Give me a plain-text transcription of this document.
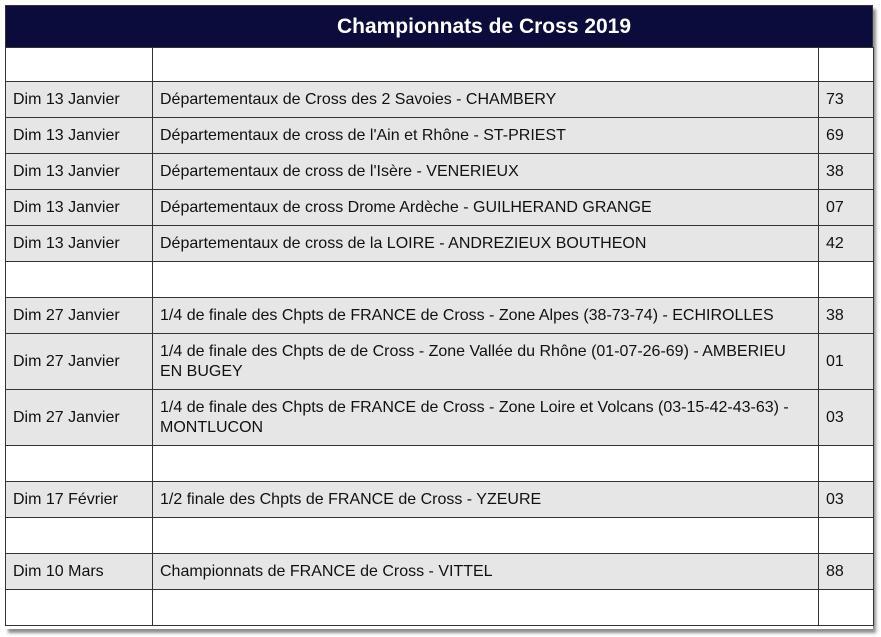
Championnats de Cross 2019

Dim 13 Janvier	Départementaux de Cross des 2 Savoies - CHAMBERY	73
Dim 13 Janvier	Départementaux de cross de l'Ain et Rhône - ST-PRIEST	69
Dim 13 Janvier	Départementaux de cross de l'Isère - VENERIEUX	38
Dim 13 Janvier	Départementaux de cross Drome Ardèche - GUILHERAND GRANGE	07
Dim 13 Janvier	Départementaux de cross de la LOIRE - ANDREZIEUX BOUTHEON	42

Dim 27 Janvier	1/4 de finale des Chpts de FRANCE de Cross - Zone Alpes (38-73-74) - ECHIROLLES	38
Dim 27 Janvier	1/4 de finale des Chpts de de Cross - Zone Vallée du Rhône (01-07-26-69) - AMBERIEU EN BUGEY	01
Dim 27 Janvier	1/4 de finale des Chpts de FRANCE de Cross - Zone Loire et Volcans (03-15-42-43-63) - MONTLUCON	03

Dim 17 Février	1/2 finale des Chpts de FRANCE de Cross - YZEURE	03

Dim 10 Mars	Championnats de FRANCE de Cross - VITTEL	88
